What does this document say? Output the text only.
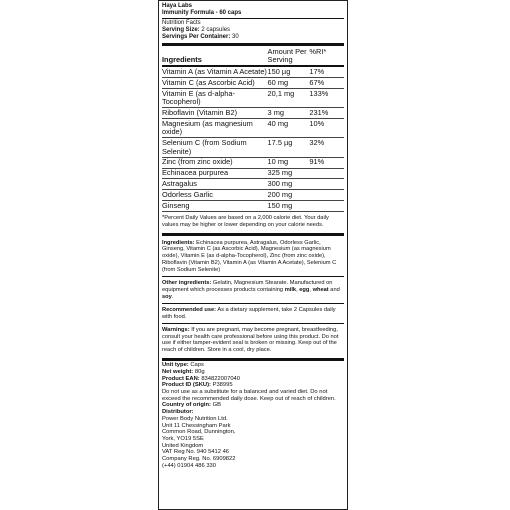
Haya Labs
Immunity Formula - 60 caps
Nutrition Facts
Serving Size: 2 capsules
Servings Per Container: 30
Ingredients	Amount Per Serving	%RI*
Vitamin A (as Vitamin A Acetate)	150 µg	17%
Vitamin C (as Ascorbic Acid)	60 mg	67%
Vitamin E (as d-alpha-Tocopherol)	20,1 mg	133%
Riboflavin (Vitamin B2)	3 mg	231%
Magnesium (as magnesium oxide)	40 mg	10%
Selenium C (from Sodium Selenite)	17.5 µg	32%
Zinc (from zinc oxide)	10 mg	91%
Echinacea purpurea	325 mg	
Astragalus	300 mg	
Odorless Garlic	200 mg	
Ginseng	150 mg	
*Percent Daily Values are based on a 2,000 calorie diet. Your daily values may be higher or lower depending on your calorie needs.
Ingredients: Echinacea purpurea, Astragalus, Odorless Garlic, Ginseng, Vitamin C (as Ascorbic Acid), Magnesium (as magnesium oxide), Vitamin E (as d-alpha-Tocopherol), Zinc (from zinc oxide), Riboflavin (Vitamin B2), Vitamin A (as Vitamin A Acetate), Selenium C (from Sodium Selenite)
Other ingredients: Gelatin, Magnesium Stearate. Manufactured on equipment which processes products containing milk, egg, wheat and soy.
Recommended use: As a dietary supplement, take 2 Capsules daily with food.
Warnings: If you are pregnant, may become pregnant, breastfeeding, consult your health care professional before using this product. Do not use if either tamper-evident seal is broken or missing. Keep out of the reach of children. Store in a cool, dry place.
Unit type: Caps
Net weight: 80g
Product EAN: 834822007040
Product ID (SKU): P38995
Do not use as a substitute for a balanced and varied diet. Do not exceed the recommended daily dose. Keep out of reach of children.
Country of origin: GB
Distributor:
Power Body Nutrition Ltd.
Unit 11 Chessingham Park
Common Road, Dunnington,
York, YO19 5SE
United Kingdom
VAT Reg No. 940 5412 46
Company Reg. No. 6909822
(+44) 01904 486 330
